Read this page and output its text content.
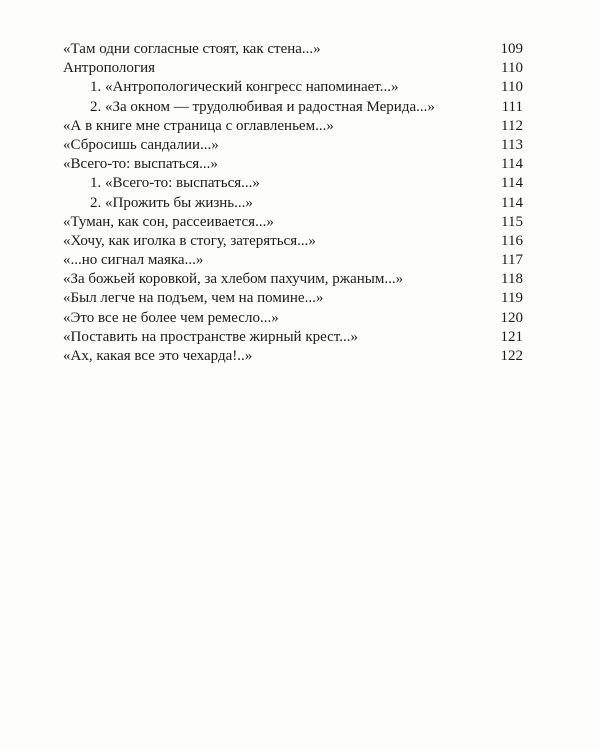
«Там одни согласные стоят, как стена...»	109
Антропология	110
1. «Антропологический конгресс напоминает...»	110
2. «За окном — трудолюбивая и радостная Мерида...»	111
«А в книге мне страница с оглавленьем...»	112
«Сбросишь сандалии...»	113
«Всего-то: выспаться...»	114
1. «Всего-то: выспаться...»	114
2. «Прожить бы жизнь...»	114
«Туман, как сон, рассеивается...»	115
«Хочу, как иголка в стогу, затеряться...»	116
«...но сигнал маяка...»	117
«За божьей коровкой, за хлебом пахучим, ржаным...»	118
«Был легче на подъем, чем на помине...»	119
«Это все не более чем ремесло...»	120
«Поставить на пространстве жирный крест...»	121
«Ах, какая все это чехарда!..»	122
